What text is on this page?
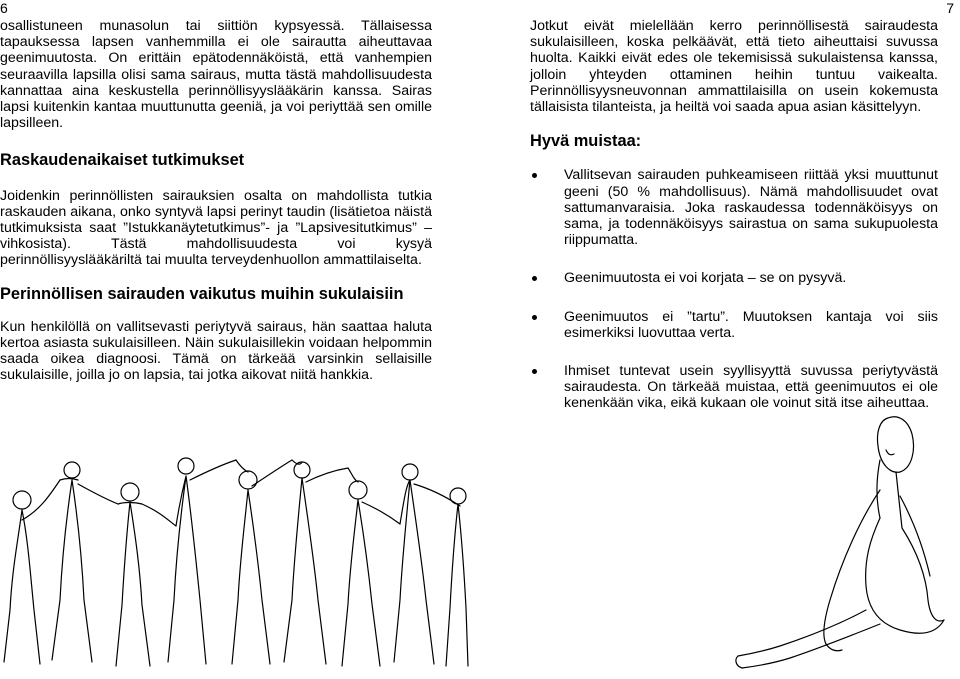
6

osallistuneen munasolun tai siittiön kypsyessä. Tällaisessa tapauksessa lapsen vanhemmilla ei ole sairautta aiheuttavaa geenimuutosta. On erittäin epätodennäköistä, että vanhempien seuraavilla lapsilla olisi sama sairaus, mutta tästä mahdollisuudesta kannattaa aina keskustella perinnöllisyyslääkärin kanssa. Sairas lapsi kuitenkin kantaa muuttunutta geeniä, ja voi periyttää sen omille lapsilleen.

Raskaudenaikaiset tutkimukset

Joidenkin perinnöllisten sairauksien osalta on mahdollista tutkia raskauden aikana, onko syntyvä lapsi perinyt taudin (lisätietoa näistä tutkimuksista saat ”Istukkanäytetutkimus”- ja ”Lapsivesitutkimus” –vihkosista). Tästä mahdollisuudesta voi kysyä perinnöllisyyslääkäriltä tai muulta terveydenhuollon ammattilaiselta.

Perinnöllisen sairauden vaikutus muihin sukulaisiin

Kun henkilöllä on vallitsevasti periytyvä sairaus, hän saattaa haluta kertoa asiasta sukulaisilleen. Näin sukulaisillekin voidaan helpommin saada oikea diagnoosi. Tämä on tärkeää varsinkin sellaisille sukulaisille, joilla jo on lapsia, tai jotka aikovat niitä hankkia.

7

Jotkut eivät mielellään kerro perinnöllisestä sairaudesta sukulaisilleen, koska pelkäävät, että tieto aiheuttaisi suvussa huolta. Kaikki eivät edes ole tekemisissä sukulaistensa kanssa, jolloin yhteyden ottaminen heihin tuntuu vaikealta. Perinnöllisyysneuvonnan ammattilaisilla on usein kokemusta tällaisista tilanteista, ja heiltä voi saada apua asian käsittelyyn.

Hyvä muistaa:
Vallitsevan sairauden puhkeamiseen riittää yksi muuttunut geeni (50 % mahdollisuus). Nämä mahdollisuudet ovat sattumanvaraisia. Joka raskaudessa todennäköisyys on sama, ja todennäköisyys sairastua on sama sukupuolesta riippumatta.
Geenimuutosta ei voi korjata – se on pysyvä.
Geenimuutos ei ”tartu”. Muutoksen kantaja voi siis esimerkiksi luovuttaa verta.
Ihmiset tuntevat usein syyllisyyttä suvussa periytyvästä sairaudesta. On tärkeää muistaa, että geenimuutos ei ole kenenkään vika, eikä kukaan ole voinut sitä itse aiheuttaa.
